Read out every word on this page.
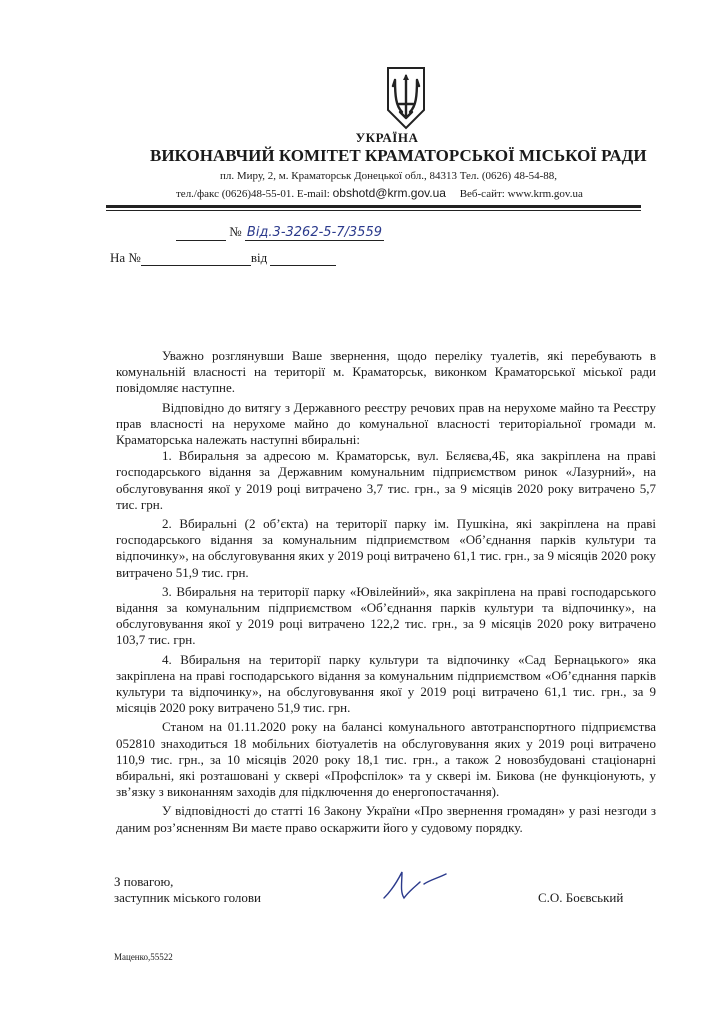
УКРАЇНА
ВИКОНАВЧИЙ КОМІТЕТ КРАМАТОРСЬКОЇ МІСЬКОЇ РАДИ
пл. Миру, 2, м. Краматорськ Донецької обл., 84313 Тел. (0626) 48-54-88,
тел./факс (0626)48-55-01. E-mail: obshotd@krm.gov.ua Веб-сайт: www.krm.gov.ua
№ Від.3-3262-5-7/3559
На №	від

Уважно розглянувши Ваше звернення, щодо переліку туалетів, які перебувають в комунальній власності на території м. Краматорськ, виконком Краматорської міської ради повідомляє наступне.

Відповідно до витягу з Державного реєстру речових прав на нерухоме майно та Реєстру прав власності на нерухоме майно до комунальної власності територіальної громади м. Краматорська належать наступні вбиральні:

1. Вбиральня за адресою м. Краматорськ, вул. Бєляєва,4Б, яка закріплена на праві господарського відання за Державним комунальним підприємством ринок «Лазурний», на обслуговування якої у 2019 році витрачено 3,7 тис. грн., за 9 місяців 2020 року витрачено 5,7 тис. грн.

2. Вбиральні (2 об’єкта) на території парку ім. Пушкіна, які закріплена на праві господарського відання за комунальним підприємством «Об’єднання парків культури та відпочинку», на обслуговування яких у 2019 році витрачено 61,1 тис. грн., за 9 місяців 2020 року витрачено 51,9 тис. грн.

3. Вбиральня на території парку «Ювілейний», яка закріплена на праві господарського відання за комунальним підприємством «Об’єднання парків культури та відпочинку», на обслуговування якої у 2019 році витрачено 122,2 тис. грн., за 9 місяців 2020 року витрачено 103,7 тис. грн.

4. Вбиральня на території парку культури та відпочинку «Сад Бернацького» яка закріплена на праві господарського відання за комунальним підприємством «Об’єднання парків культури та відпочинку», на обслуговування якої у 2019 році витрачено 61,1 тис. грн., за 9 місяців 2020 року витрачено 51,9 тис. грн.

Станом на 01.11.2020 року на балансі комунального автотранспортного підприємства 052810 знаходиться 18 мобільних біотуалетів на обслуговування яких у 2019 році витрачено 110,9 тис. грн., за 10 місяців 2020 року 18,1 тис. грн., а також 2 новозбудовані стаціонарні вбиральні, які розташовані у сквері «Профспілок» та у сквері ім. Бикова (не функціонують, у зв’язку з виконанням заходів для підключення до енергопостачання).

У відповідності до статті 16 Закону України «Про звернення громадян» у разі незгоди з даним роз’ясненням Ви маєте право оскаржити його у судовому порядку.

З повагою,
заступник міського голови	С.О. Боєвський
Маценко,55522
